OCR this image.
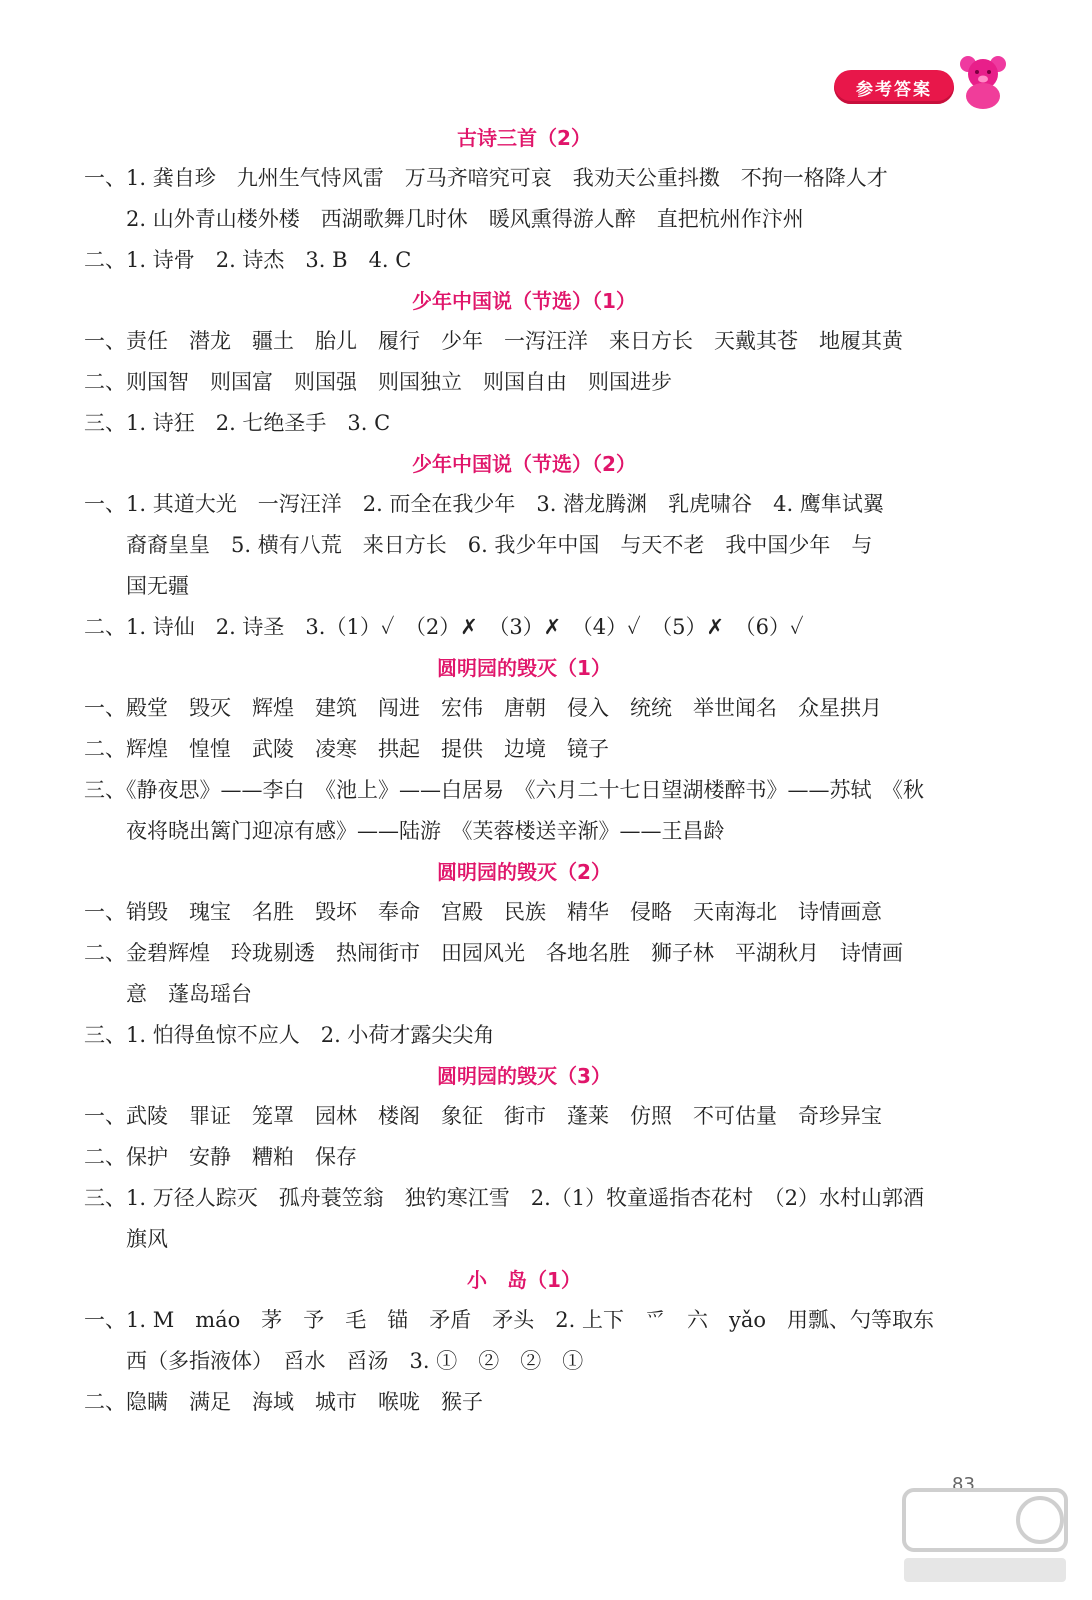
参考答案
古诗三首（2）
一、1. 龚自珍　九州生气恃风雷　万马齐喑究可哀　我劝天公重抖擞　不拘一格降人才
2. 山外青山楼外楼　西湖歌舞几时休　暖风熏得游人醉　直把杭州作汴州
二、1. 诗骨　2. 诗杰　3. B　4. C
少年中国说（节选）（1）
一、责任　潜龙　疆土　胎儿　履行　少年　一泻汪洋　来日方长　天戴其苍　地履其黄
二、则国智　则国富　则国强　则国独立　则国自由　则国进步
三、1. 诗狂　2. 七绝圣手　3. C
少年中国说（节选）（2）
一、1. 其道大光　一泻汪洋　2. 而全在我少年　3. 潜龙腾渊　乳虎啸谷　4. 鹰隼试翼
裔裔皇皇　5. 横有八荒　来日方长　6. 我少年中国　与天不老　我中国少年　与
国无疆
二、1. 诗仙　2. 诗圣　3.（1）✓　（2）✗　（3）✗　（4）✓　（5）✗　（6）✓
圆明园的毁灭（1）
一、殿堂　毁灭　辉煌　建筑　闯进　宏伟　唐朝　侵入　统统　举世闻名　众星拱月
二、辉煌　惶惶　武陵　凌寒　拱起　提供　边境　镜子
三、《静夜思》——李白　《池上》——白居易　《六月二十七日望湖楼醉书》——苏轼　《秋
夜将晓出篱门迎凉有感》——陆游　《芙蓉楼送辛渐》——王昌龄
圆明园的毁灭（2）
一、销毁　瑰宝　名胜　毁坏　奉命　宫殿　民族　精华　侵略　天南海北　诗情画意
二、金碧辉煌　玲珑剔透　热闹街市　田园风光　各地名胜　狮子林　平湖秋月　诗情画
意　蓬岛瑶台
三、1. 怕得鱼惊不应人　2. 小荷才露尖尖角
圆明园的毁灭（3）
一、武陵　罪证　笼罩　园林　楼阁　象征　街市　蓬莱　仿照　不可估量　奇珍异宝
二、保护　安静　糟粕　保存
三、1. 万径人踪灭　孤舟蓑笠翁　独钓寒江雪　2.（1）牧童遥指杏花村　（2）水村山郭酒
旗风
小　岛（1）
一、1. M　máo　茅　予　毛　锚　矛盾　矛头　2. 上下　爫　六　yǎo　用瓢、勺等取东
西（多指液体）　舀水　舀汤　3. ①　②　②　①
二、隐瞒　满足　海域　城市　喉咙　猴子
83
